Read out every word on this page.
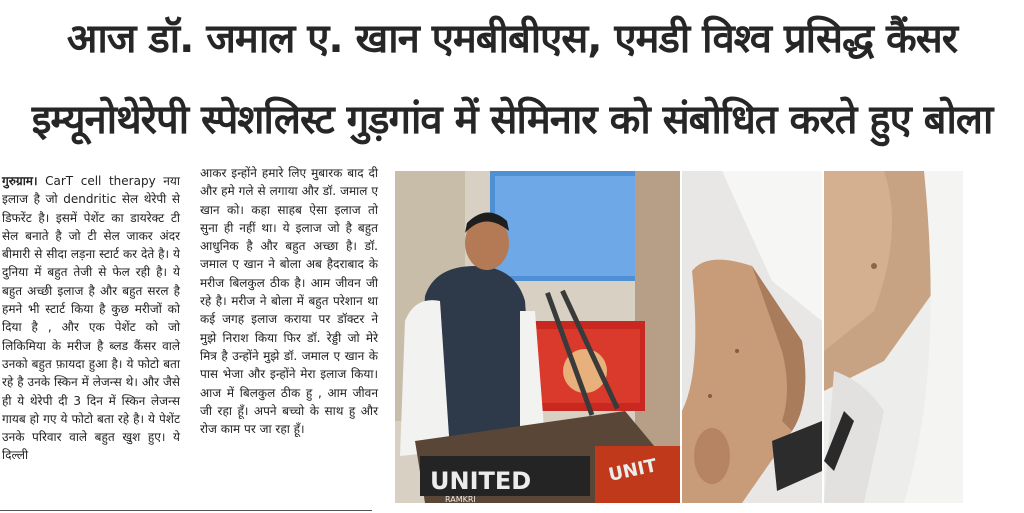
आज डॉ. जमाल ए. खान एमबीबीएस, एमडी विश्व प्रसिद्ध कैंसर
इम्यूनोथेरेपी स्पेशलिस्ट गुड़गांव में सेमिनार को संबोधित करते हुए बोला

गुरुग्राम। CarT cell therapy नया इलाज है जो dendritic सेल थेरेपी से डिफरेंट है। इसमें पेशेंट का डायरेक्ट टी सेल बनाते है जो टी सेल जाकर अंदर बीमारी से सीदा लड़ना स्टार्ट कर देते है। ये दुनिया में बहुत तेजी से फेल रही है। ये बहुत अच्छी इलाज है और बहुत सरल है हमने भी स्टार्ट किया है कुछ मरीजों को दिया है , और एक पेशेंट को जो लिकिमिया के मरीज है ब्लड कैंसर वाले उनको बहुत फ़ायदा हुआ है। ये फोटो बता रहे है उनके स्किन में लेजन्स थे। और जैसे ही ये थेरेपी दी 3 दिन में स्किन लेजन्स गायब हो गए ये फोटो बता रहे है। ये पेशेंट उनके परिवार वाले बहुत खुश हुए। ये दिल्ली

आकर इन्होंने हमारे लिए मुबारक बाद दी और हमे गले से लगाया और डॉ. जमाल ए खान को। कहा साहब ऐसा इलाज तो सुना ही नहीं था। ये इलाज जो है बहुत आधुनिक है और बहुत अच्छा है। डॉ. जमाल ए खान ने बोला अब हैदराबाद के मरीज बिलकुल ठीक है। आम जीवन जी रहे है। मरीज ने बोला में बहुत परेशान था कई जगह इलाज कराया पर डॉक्टर ने मुझे निराश किया फिर डॉ. रेड्डी जो मेरे मित्र है उन्होंने मुझे डॉ. जमाल ए खान के पास भेजा और इन्होंने मेरा इलाज किया। आज में बिलकुल ठीक हु , आम जीवन जी रहा हूँ। अपने बच्चो के साथ हु और रोज काम पर जा रहा हूँ।

UNITED
RAMKRI
UNIT
